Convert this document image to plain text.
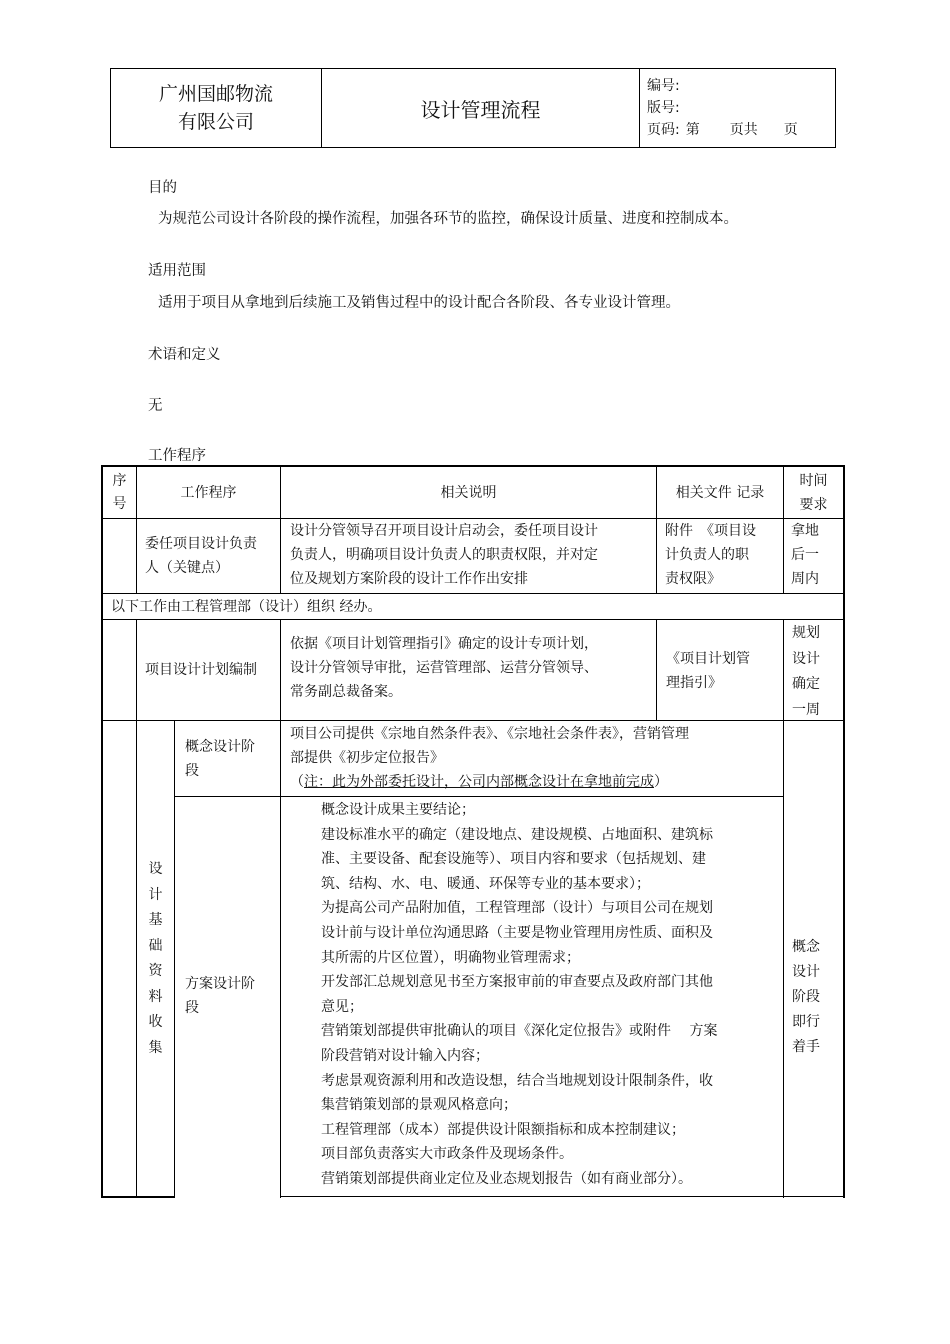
广州国邮物流
有限公司
设计管理流程
编号:
版号:
页码: 第 页共 页
目的
为规范公司设计各阶段的操作流程，加强各环节的监控，确保设计质量、进度和控制成本。
适用范围
适用于项目从拿地到后续施工及销售过程中的设计配合各阶段、各专业设计管理。
术语和定义
无
工作程序
序
号
工作程序	相关说明	相关文件 记录
时间
要求
委任项目设计负责
人（关键点）
设计分管领导召开项目设计启动会，委任项目设计
负责人，明确项目设计负责人的职责权限，并对定
位及规划方案阶段的设计工作作出安排
附件　《项目设
计负责人的职
责权限》
拿地
后一
周内
以下工作由工程管理部（设计）组织 经办。
项目设计计划编制
依据《项目计划管理指引》确定的设计专项计划，
设计分管领导审批，运营管理部、运营分管领导、
常务副总裁备案。
《项目计划管
理指引》
规划
设计
确定
一周
设
计
基
础
资
料
收
集
概念设计阶
段
项目公司提供《宗地自然条件表》、《宗地社会条件表》，营销管理
部提供《初步定位报告》
（注：此为外部委托设计，公司内部概念设计在拿地前完成）
方案设计阶
段
概念设计成果主要结论；
建设标准水平的确定（建设地点、建设规模、占地面积、建筑标
准、主要设备、配套设施等）、项目内容和要求（包括规划、建
筑、结构、水、电、暖通、环保等专业的基本要求）；
为提高公司产品附加值，工程管理部（设计）与项目公司在规划
设计前与设计单位沟通思路（主要是物业管理用房性质、面积及
其所需的片区位置），明确物业管理需求；
开发部汇总规划意见书至方案报审前的审查要点及政府部门其他
意见；
营销策划部提供审批确认的项目《深化定位报告》或附件　 方案
阶段营销对设计输入内容；
考虑景观资源利用和改造设想，结合当地规划设计限制条件，收
集营销策划部的景观风格意向；
工程管理部（成本）部提供设计限额指标和成本控制建议；
项目部负责落实大市政条件及现场条件。
营销策划部提供商业定位及业态规划报告（如有商业部分）。
概念
设计
阶段
即行
着手
